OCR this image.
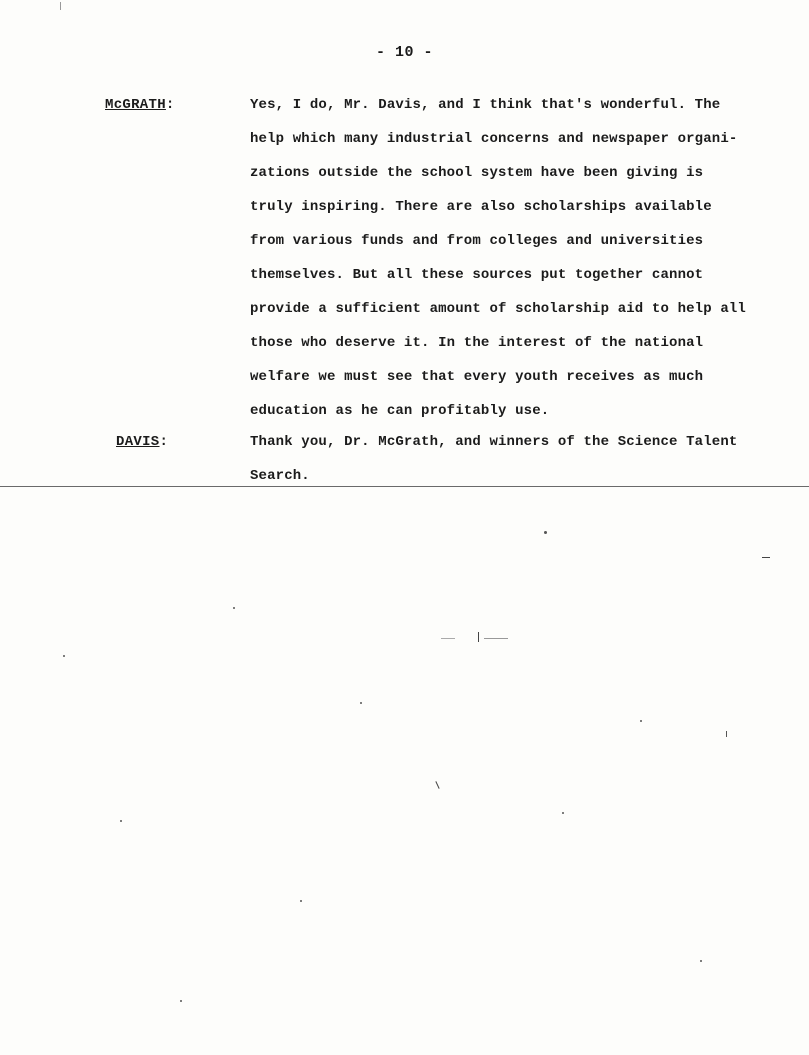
- 10 -
McGRATH:	Yes, I do, Mr. Davis, and I think that's wonderful. The
help which many industrial concerns and newspaper organi-
zations outside the school system have been giving is
truly inspiring. There are also scholarships available
from various funds and from colleges and universities
themselves. But all these sources put together cannot
provide a sufficient amount of scholarship aid to help all
those who deserve it. In the interest of the national
welfare we must see that every youth receives as much
education as he can profitably use.
DAVIS:	Thank you, Dr. McGrath, and winners of the Science Talent
Search.
